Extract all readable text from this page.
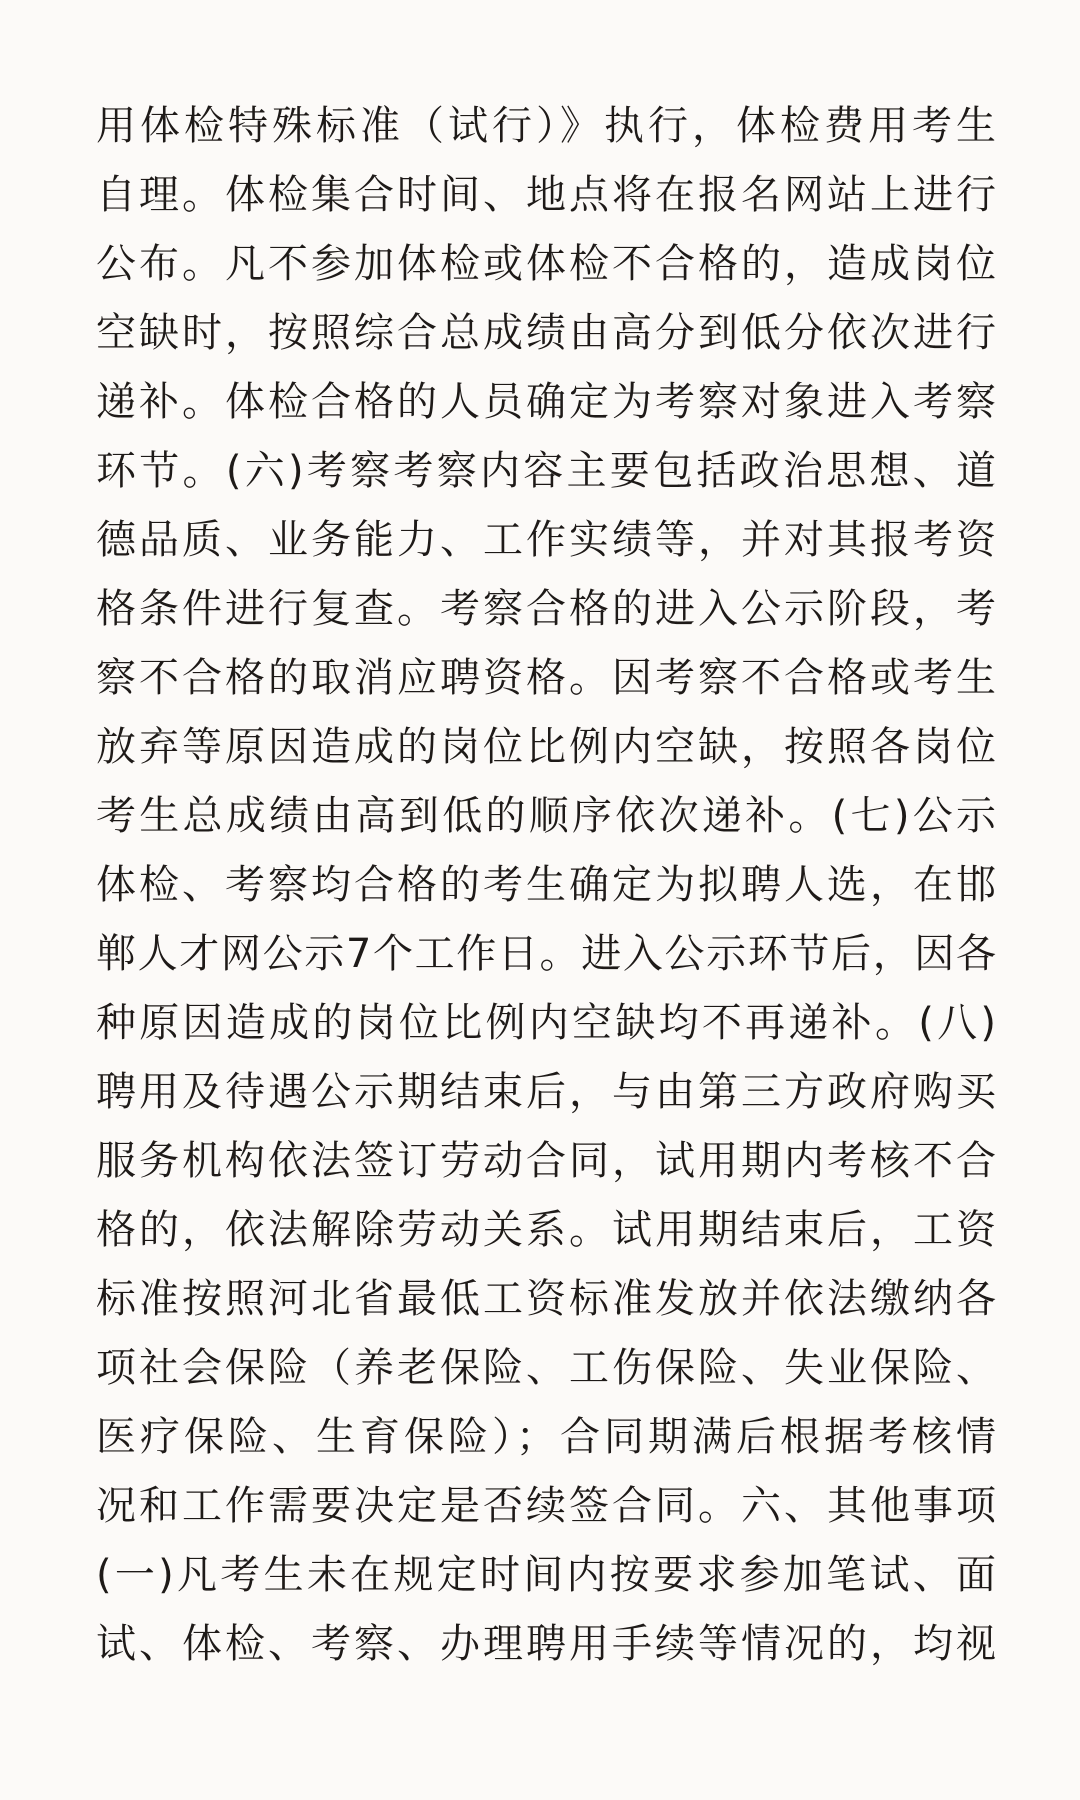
用体检特殊标准（试行）》执行，体检费用考生
自理。体检集合时间、地点将在报名网站上进行
公布。凡不参加体检或体检不合格的，造成岗位
空缺时，按照综合总成绩由高分到低分依次进行
递补。体检合格的人员确定为考察对象进入考察
环节。(六)考察考察内容主要包括政治思想、道
德品质、业务能力、工作实绩等，并对其报考资
格条件进行复查。考察合格的进入公示阶段，考
察不合格的取消应聘资格。因考察不合格或考生
放弃等原因造成的岗位比例内空缺，按照各岗位
考生总成绩由高到低的顺序依次递补。(七)公示
体检、考察均合格的考生确定为拟聘人选，在邯
郸人才网公示7个工作日。进入公示环节后，因各
种原因造成的岗位比例内空缺均不再递补。(八)
聘用及待遇公示期结束后，与由第三方政府购买
服务机构依法签订劳动合同，试用期内考核不合
格的，依法解除劳动关系。试用期结束后，工资
标准按照河北省最低工资标准发放并依法缴纳各
项社会保险（养老保险、工伤保险、失业保险、
医疗保险、生育保险）；合同期满后根据考核情
况和工作需要决定是否续签合同。六、其他事项
(一)凡考生未在规定时间内按要求参加笔试、面
试、体检、考察、办理聘用手续等情况的，均视
